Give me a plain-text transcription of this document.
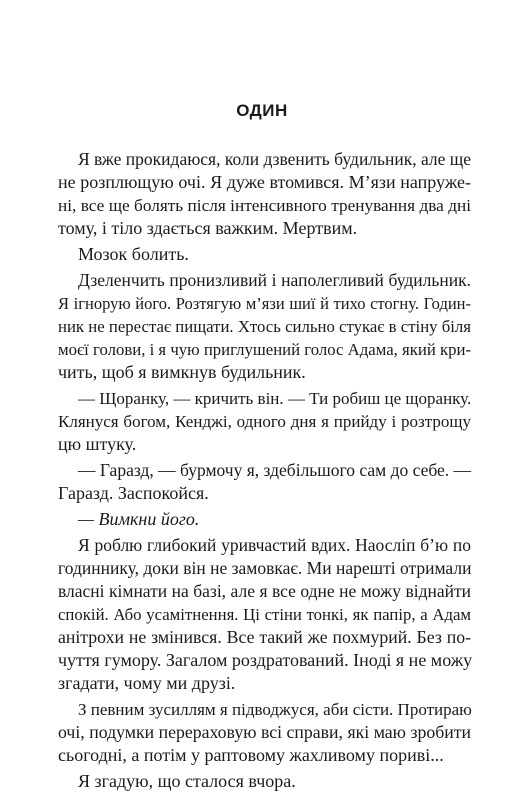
ОДИН
Я вже прокидаюся, коли дзвенить будильник, але ще
не розплющую очі. Я дуже втомився. М’язи напруже-
ні, все ще болять після інтенсивного тренування два дні
тому, і тіло здається важким. Мертвим.
Мозок болить.
Дзеленчить пронизливий і наполегливий будильник.
Я ігнорую його. Розтягую м’язи шиї й тихо стогну. Годин-
ник не перестає пищати. Хтось сильно стукає в стіну біля
моєї голови, і я чую приглушений голос Адама, який кри-
чить, щоб я вимкнув будильник.
— Щоранку, — кричить він. — Ти робиш це щоранку.
Клянуся богом, Кенджі, одного дня я прийду і розтрощу
цю штуку.
— Гаразд, — бурмочу я, здебільшого сам до себе. —
Гаразд. Заспокойся.
— Вимкни його.
Я роблю глибокий уривчастий вдих. Наосліп б’ю по
годиннику, доки він не замовкає. Ми нарешті отримали
власні кімнати на базі, але я все одне не можу віднайти
спокій. Або усамітнення. Ці стіни тонкі, як папір, а Адам
анітрохи не змінився. Все такий же похмурий. Без по-
чуття гумору. Загалом роздратований. Іноді я не можу
згадати, чому ми друзі.
З певним зусиллям я підводжуся, аби сісти. Протираю
очі, подумки перераховую всі справи, які маю зробити
сьогодні, а потім у раптовому жахливому пориві...
Я згадую, що сталося вчора.
